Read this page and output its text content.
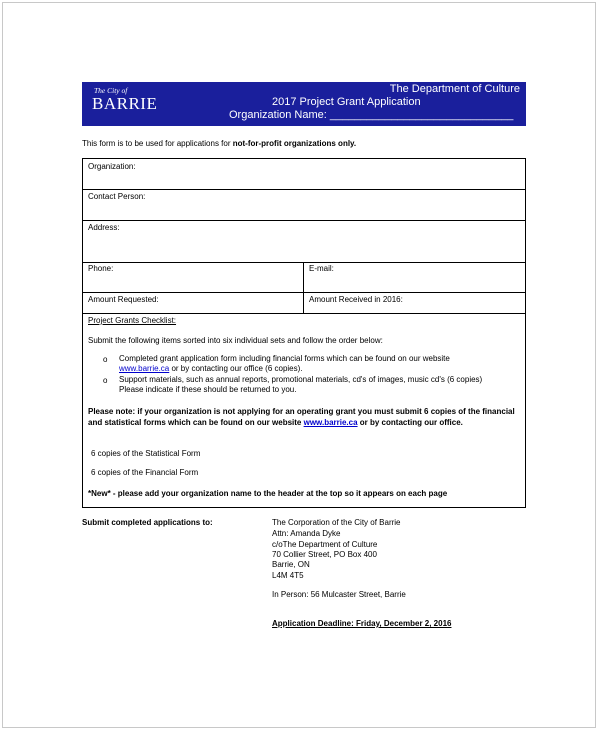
The City of
BARRIE
The Department of Culture
2017 Project Grant Application
Organization Name: ______________________________
This form is to be used for applications for not-for-profit organizations only.
Organization:
Contact Person:
Address:
Phone:	E-mail:
Amount Requested:	Amount Received in 2016:
Project Grants Checklist:
Submit the following items sorted into six individual sets and follow the order below:
o Completed grant application form including financial forms which can be found on our website
www.barrie.ca or by contacting our office (6 copies).
o Support materials, such as annual reports, promotional materials, cd's of images, music cd's (6 copies)
Please indicate if these should be returned to you.
Please note: if your organization is not applying for an operating grant you must submit 6 copies of the financial and statistical forms which can be found on our website www.barrie.ca or by contacting our office.
6 copies of the Statistical Form
6 copies of the Financial Form
*New* - please add your organization name to the header at the top so it appears on each page
Submit completed applications to:	The Corporation of the City of Barrie
Attn: Amanda Dyke
c/oThe Department of Culture
70 Collier Street, PO Box 400
Barrie, ON
L4M 4T5
In Person: 56 Mulcaster Street, Barrie
Application Deadline: Friday, December 2, 2016
